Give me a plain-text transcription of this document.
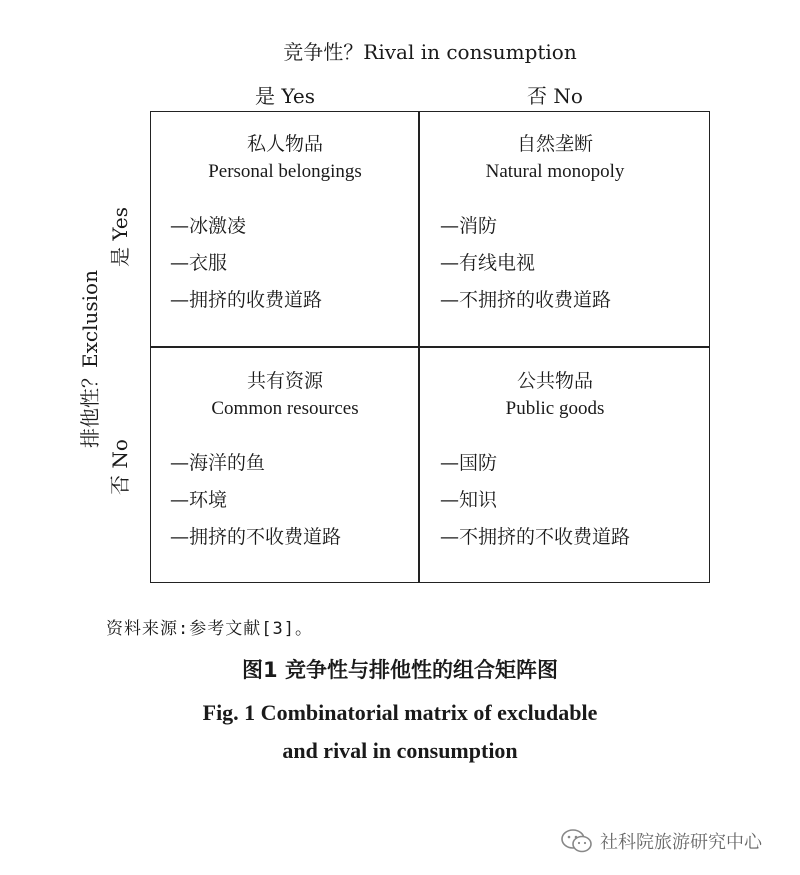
竞争性？Rival in consumption
是 Yes	否 No
排他性？Exclusion
是 Yes
否 No
私人物品
Personal belongings
—冰激凌
—衣服
—拥挤的收费道路
自然垄断
Natural monopoly
—消防
—有线电视
—不拥挤的收费道路
共有资源
Common resources
—海洋的鱼
—环境
—拥挤的不收费道路
公共物品
Public goods
—国防
—知识
—不拥挤的不收费道路
资料来源:参考文献[3]。
图1 竞争性与排他性的组合矩阵图
Fig. 1 Combinatorial matrix of excludable
and rival in consumption
社科院旅游研究中心
